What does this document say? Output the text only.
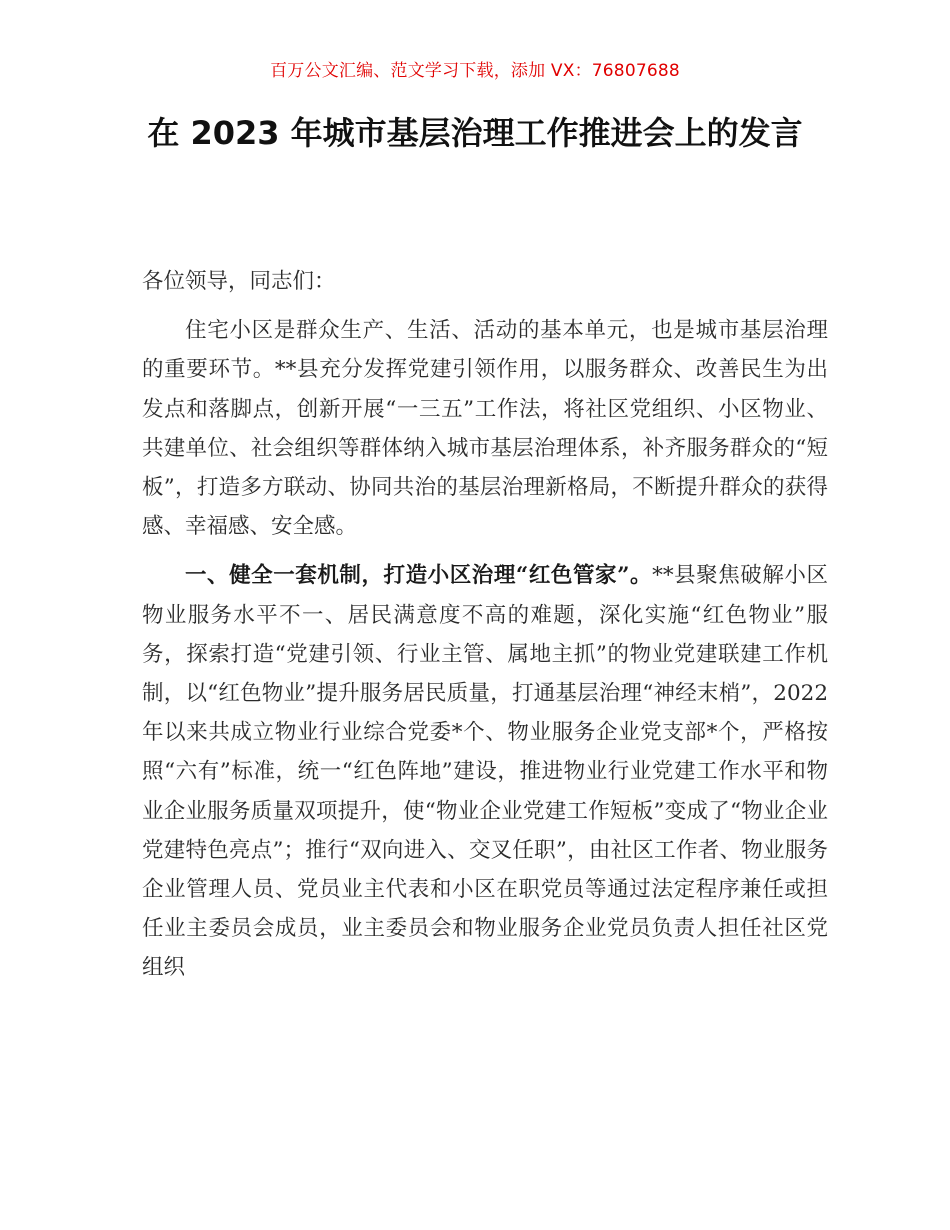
百万公文汇编、范文学习下载，添加 VX：76807688
在 2023 年城市基层治理工作推进会上的发言

各位领导，同志们：

住宅小区是群众生产、生活、活动的基本单元，也是城市基层治理的重要环节。**县充分发挥党建引领作用，以服务群众、改善民生为出发点和落脚点，创新开展“一三五”工作法，将社区党组织、小区物业、共建单位、社会组织等群体纳入城市基层治理体系，补齐服务群众的“短板”，打造多方联动、协同共治的基层治理新格局，不断提升群众的获得感、幸福感、安全感。

一、健全一套机制，打造小区治理“红色管家”。**县聚焦破解小区物业服务水平不一、居民满意度不高的难题，深化实施“红色物业”服务，探索打造“党建引领、行业主管、属地主抓”的物业党建联建工作机制，以“红色物业”提升服务居民质量，打通基层治理“神经末梢”，2022 年以来共成立物业行业综合党委*个、物业服务企业党支部*个，严格按照“六有”标准，统一“红色阵地”建设，推进物业行业党建工作水平和物业企业服务质量双项提升，使“物业企业党建工作短板”变成了“物业企业党建特色亮点”；推行“双向进入、交叉任职”，由社区工作者、物业服务企业管理人员、党员业主代表和小区在职党员等通过法定程序兼任或担任业主委员会成员，业主委员会和物业服务企业党员负责人担任社区党组织
